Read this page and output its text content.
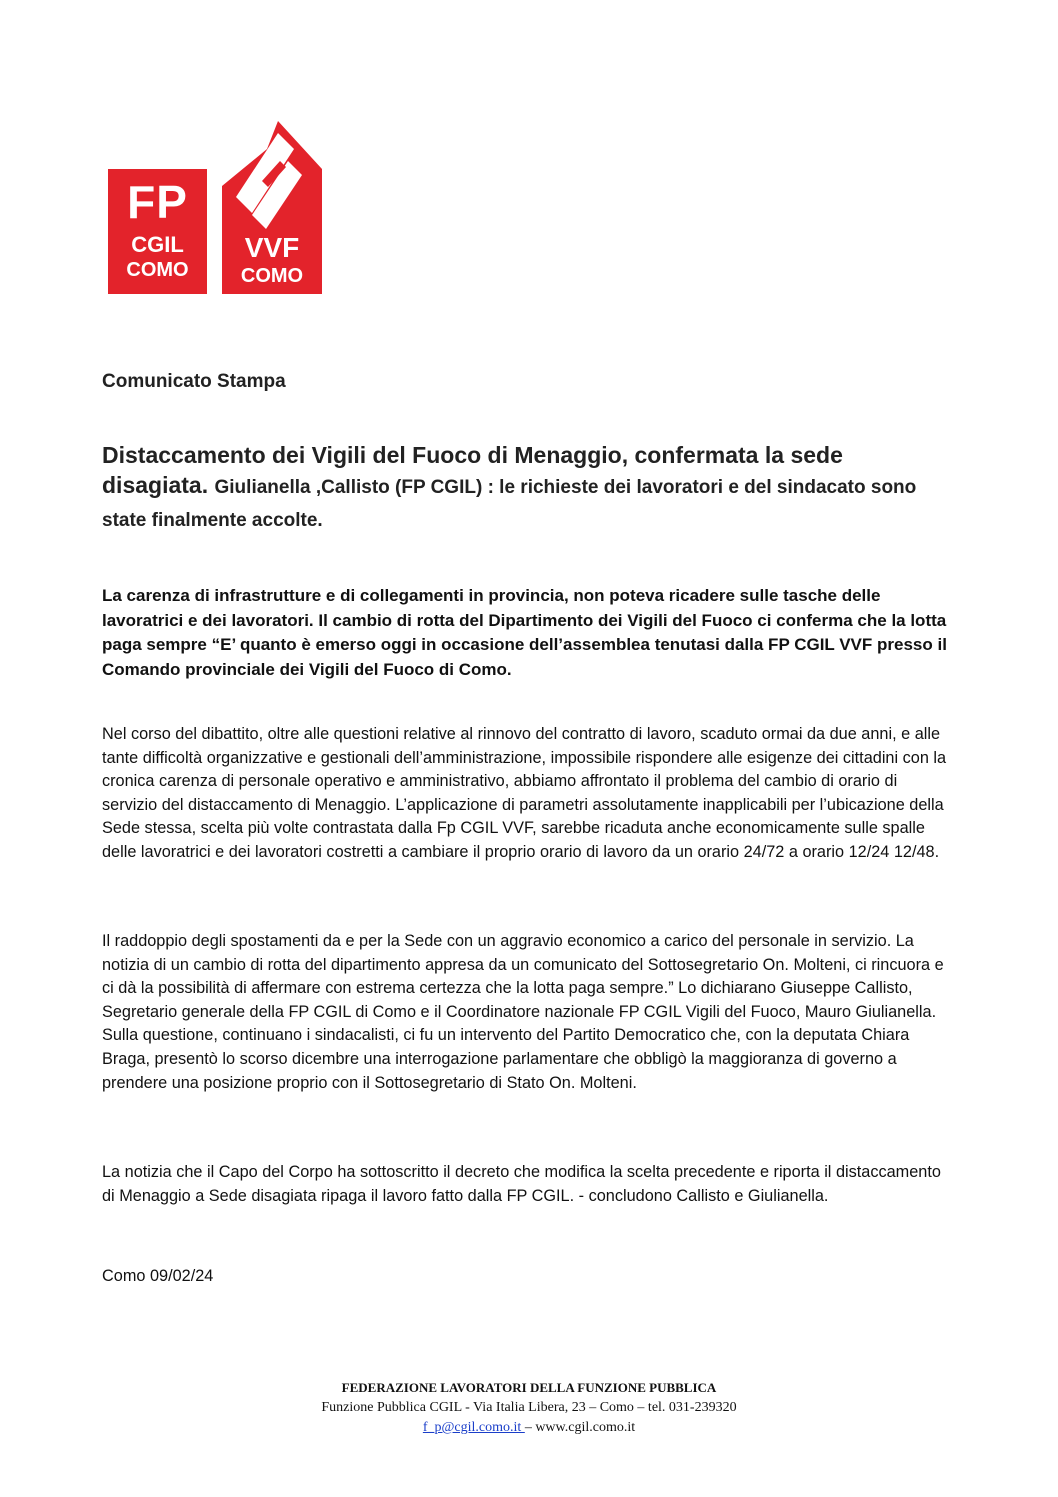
FP
CGIL
COMO
VVF
COMO
Comunicato Stampa
Distaccamento dei Vigili del Fuoco di Menaggio, confermata la sede disagiata. Giulianella ,Callisto (FP CGIL) : le richieste dei lavoratori e del sindacato sono state finalmente accolte.
La carenza di infrastrutture e di collegamenti in provincia, non poteva ricadere sulle tasche delle lavoratrici e dei lavoratori. Il cambio di rotta del Dipartimento dei Vigili del Fuoco ci conferma che la lotta paga sempre “E’ quanto è emerso oggi in occasione dell’assemblea tenutasi dalla FP CGIL VVF presso il Comando provinciale dei Vigili del Fuoco di Como.
Nel corso del dibattito, oltre alle questioni relative al rinnovo del contratto di lavoro, scaduto ormai da due anni, e alle tante difficoltà organizzative e gestionali dell’amministrazione, impossibile rispondere alle esigenze dei cittadini con la cronica carenza di personale operativo e amministrativo, abbiamo affrontato il problema del cambio di orario di servizio del distaccamento di Menaggio. L’applicazione di parametri assolutamente inapplicabili per l’ubicazione della Sede stessa, scelta più volte contrastata dalla Fp CGIL VVF, sarebbe ricaduta anche economicamente sulle spalle delle lavoratrici e dei lavoratori costretti a cambiare il proprio orario di lavoro da un orario 24/72 a orario 12/24 12/48.

Il raddoppio degli spostamenti da e per la Sede con un aggravio economico a carico del personale in servizio. La notizia di un cambio di rotta del dipartimento appresa da un comunicato del Sottosegretario On. Molteni, ci rincuora e ci dà la possibilità di affermare con estrema certezza che la lotta paga sempre.” Lo dichiarano Giuseppe Callisto, Segretario generale della FP CGIL di Como e il Coordinatore nazionale FP CGIL Vigili del Fuoco, Mauro Giulianella.

Sulla questione, continuano i sindacalisti, ci fu un intervento del Partito Democratico che, con la deputata Chiara Braga, presentò lo scorso dicembre una interrogazione parlamentare che obbligò la maggioranza di governo a prendere una posizione proprio con il Sottosegretario di Stato On. Molteni.

La notizia che il Capo del Corpo ha sottoscritto il decreto che modifica la scelta precedente e riporta il distaccamento di Menaggio a Sede disagiata ripaga il lavoro fatto dalla FP CGIL. - concludono Callisto e Giulianella.
Como 09/02/24
FEDERAZIONE LAVORATORI DELLA FUNZIONE PUBBLICA
Funzione Pubblica CGIL - Via Italia Libera, 23 – Como – tel. 031-239320
f_p@cgil.como.it – www.cgil.como.it
